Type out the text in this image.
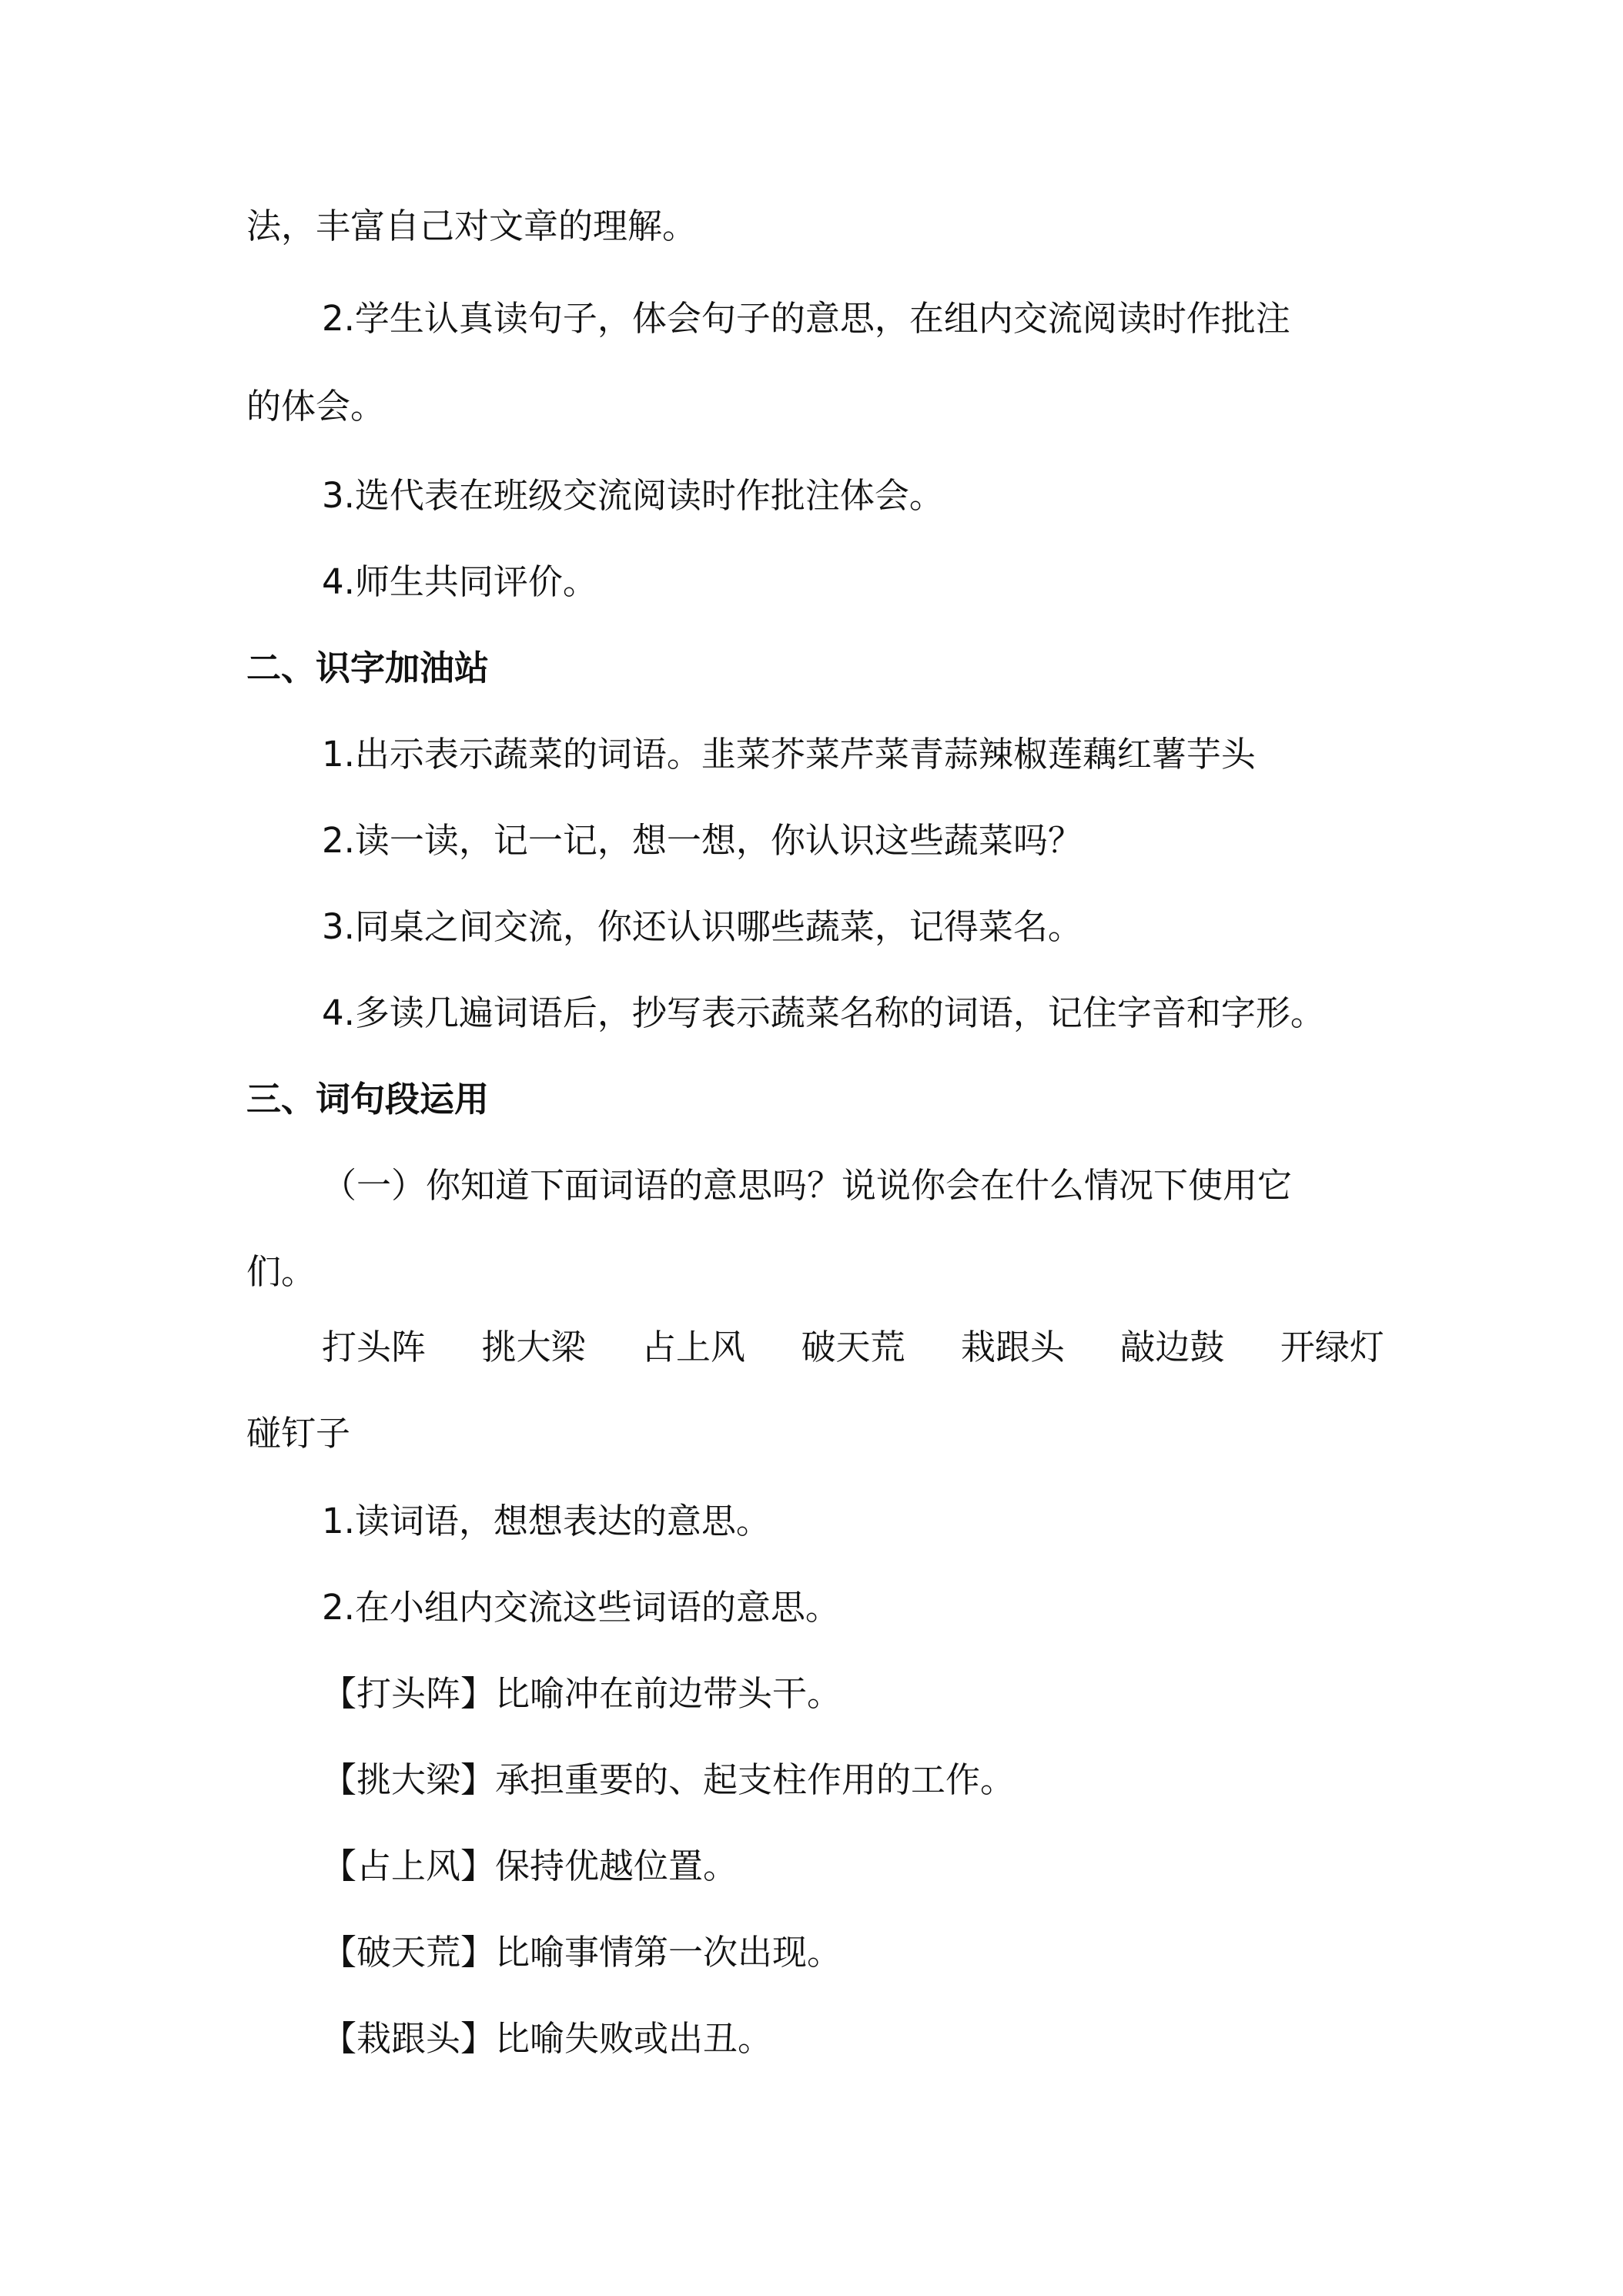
法，丰富自己对文章的理解。
2.学生认真读句子，体会句子的意思，在组内交流阅读时作批注
的体会。
3.选代表在班级交流阅读时作批注体会。
4.师生共同评价。
二、识字加油站
1.出示表示蔬菜的词语。韭菜芥菜芹菜青蒜辣椒莲藕红薯芋头
2.读一读，记一记，想一想，你认识这些蔬菜吗？
3.同桌之间交流，你还认识哪些蔬菜，记得菜名。
4.多读几遍词语后，抄写表示蔬菜名称的词语，记住字音和字形。
三、词句段运用
（一）你知道下面词语的意思吗？说说你会在什么情况下使用它
们。
打头阵 挑大梁 占上风 破天荒 栽跟头 敲边鼓 开绿灯
碰钉子
1.读词语，想想表达的意思。
2.在小组内交流这些词语的意思。
【打头阵】比喻冲在前边带头干。
【挑大梁】承担重要的、起支柱作用的工作。
【占上风】保持优越位置。
【破天荒】比喻事情第一次出现。
【栽跟头】比喻失败或出丑。
